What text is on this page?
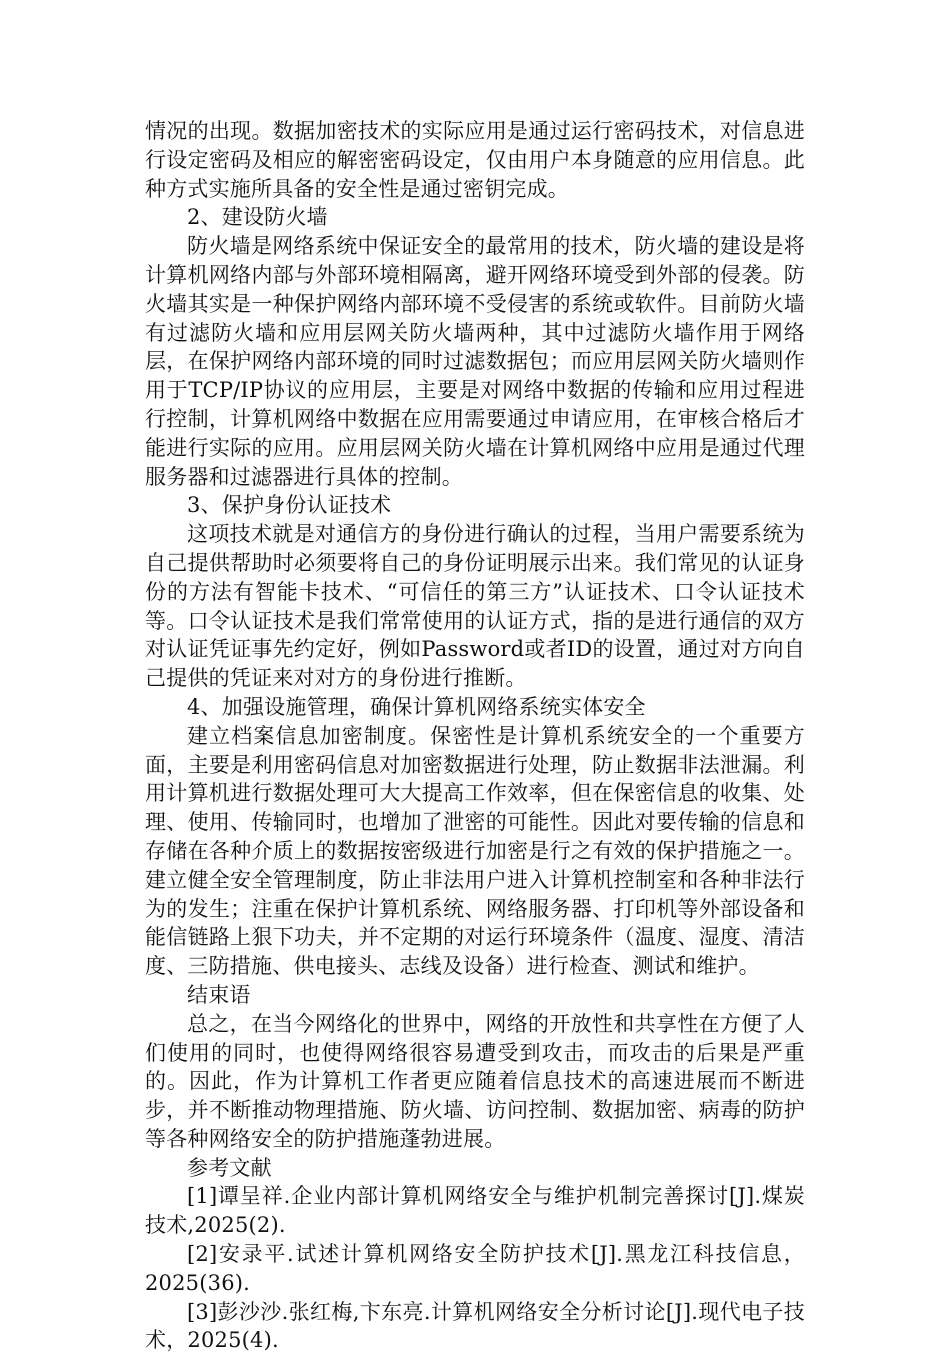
情况的出现。数据加密技术的实际应用是通过运行密码技术，对信息进行设定密码及相应的解密密码设定，仅由用户本身随意的应用信息。此种方式实施所具备的安全性是通过密钥完成。

2、建设防火墙

防火墙是网络系统中保证安全的最常用的技术，防火墙的建设是将计算机网络内部与外部环境相隔离，避开网络环境受到外部的侵袭。防火墙其实是一种保护网络内部环境不受侵害的系统或软件。目前防火墙有过滤防火墙和应用层网关防火墙两种，其中过滤防火墙作用于网络层，在保护网络内部环境的同时过滤数据包；而应用层网关防火墙则作用于TCP/IP协议的应用层，主要是对网络中数据的传输和应用过程进行控制，计算机网络中数据在应用需要通过申请应用，在审核合格后才能进行实际的应用。应用层网关防火墙在计算机网络中应用是通过代理服务器和过滤器进行具体的控制。

3、保护身份认证技术

这项技术就是对通信方的身份进行确认的过程，当用户需要系统为自己提供帮助时必须要将自己的身份证明展示出来。我们常见的认证身份的方法有智能卡技术、“可信任的第三方”认证技术、口令认证技术等。口令认证技术是我们常常使用的认证方式，指的是进行通信的双方对认证凭证事先约定好，例如Password或者ID的设置，通过对方向自己提供的凭证来对对方的身份进行推断。

4、加强设施管理，确保计算机网络系统实体安全

建立档案信息加密制度。保密性是计算机系统安全的一个重要方面，主要是利用密码信息对加密数据进行处理，防止数据非法泄漏。利用计算机进行数据处理可大大提高工作效率，但在保密信息的收集、处理、使用、传输同时，也增加了泄密的可能性。因此对要传输的信息和存储在各种介质上的数据按密级进行加密是行之有效的保护措施之一。建立健全安全管理制度，防止非法用户进入计算机控制室和各种非法行为的发生；注重在保护计算机系统、网络服务器、打印机等外部设备和能信链路上狠下功夫，并不定期的对运行环境条件（温度、湿度、清洁度、三防措施、供电接头、志线及设备）进行检查、测试和维护。

结束语

总之，在当今网络化的世界中，网络的开放性和共享性在方便了人们使用的同时，也使得网络很容易遭受到攻击，而攻击的后果是严重的。因此，作为计算机工作者更应随着信息技术的高速进展而不断进步，并不断推动物理措施、防火墙、访问控制、数据加密、病毒的防护等各种网络安全的防护措施蓬勃进展。

参考文献

[1]谭呈祥.企业内部计算机网络安全与维护机制完善探讨[J].煤炭技术,2025(2).

[2]安录平.试述计算机网络安全防护技术[J].黑龙江科技信息，2025(36).

[3]彭沙沙.张红梅,卞东亮.计算机网络安全分析讨论[J].现代电子技术，2025(4).
